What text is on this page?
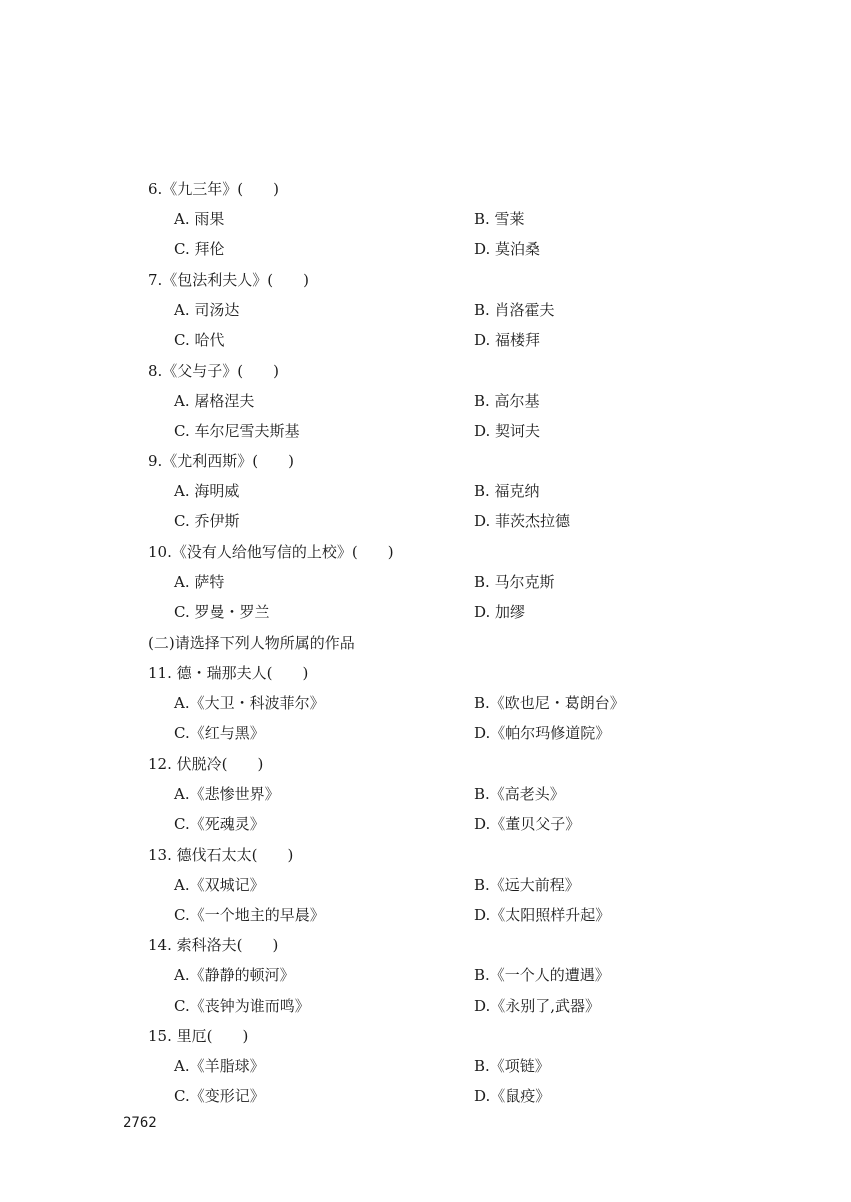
6.《九三年》(　　)
A. 雨果	B. 雪莱
C. 拜伦	D. 莫泊桑
7.《包法利夫人》(　　)
A. 司汤达	B. 肖洛霍夫
C. 哈代	D. 福楼拜
8.《父与子》(　　)
A. 屠格涅夫	B. 高尔基
C. 车尔尼雪夫斯基	D. 契诃夫
9.《尤利西斯》(　　)
A. 海明威	B. 福克纳
C. 乔伊斯	D. 菲茨杰拉德
10.《没有人给他写信的上校》(　　)
A. 萨特	B. 马尔克斯
C. 罗曼・罗兰	D. 加缪
(二)请选择下列人物所属的作品
11. 德・瑞那夫人(　　)
A.《大卫・科波菲尔》	B.《欧也尼・葛朗台》
C.《红与黑》	D.《帕尔玛修道院》
12. 伏脱冷(　　)
A.《悲惨世界》	B.《高老头》
C.《死魂灵》	D.《董贝父子》
13. 德伐石太太(　　)
A.《双城记》	B.《远大前程》
C.《一个地主的早晨》	D.《太阳照样升起》
14. 索科洛夫(　　)
A.《静静的顿河》	B.《一个人的遭遇》
C.《丧钟为谁而鸣》	D.《永别了,武器》
15. 里厄(　　)
A.《羊脂球》	B.《项链》
C.《变形记》	D.《鼠疫》
2762
